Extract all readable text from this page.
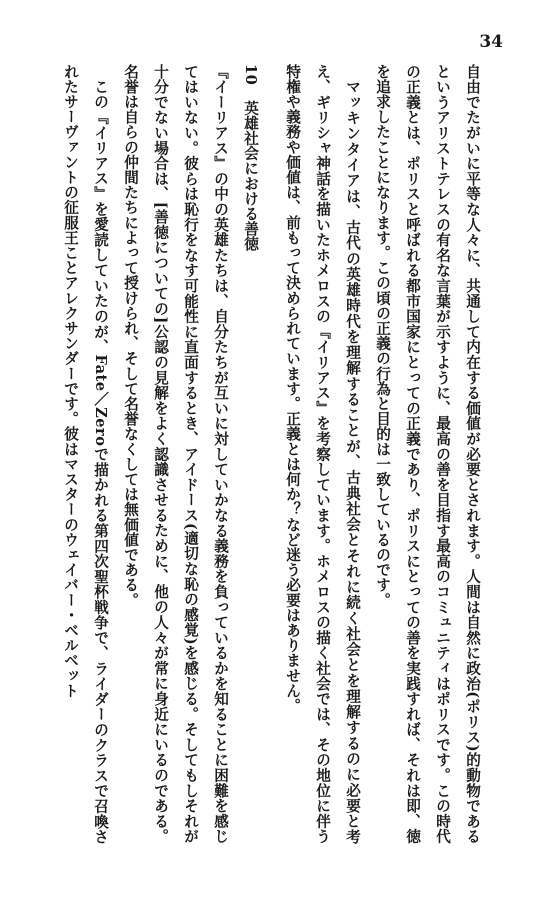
34

自由でたがいに平等な人々に、共通して内在する価値が必要とされます。人間は自然に政治(ポリス)的動物であるというアリストテレスの有名な言葉が示すように、最高の善を目指す最高のコミュニティはポリスです。この時代の正義とは、ポリスと呼ばれる都市国家にとっての正義であり、ポリスにとっての善を実践すれば、それは即、徳を追求したことになります。この頃の正義の行為と目的は一致しているのです。

マッキンタイアは、古代の英雄時代を理解することが、古典社会とそれに続く社会とを理解するのに必要と考え、ギリシャ神話を描いたホメロスの『イリアス』を考察しています。ホメロスの描く社会では、その地位に伴う特権や義務や価値は、前もって決められています。正義とは何か？など迷う必要はありません。

10　英雄社会における善徳

『イーリアス』の中の英雄たちは、自分たちが互いに対していかなる義務を負っているかを知ることに困難を感じてはいない。彼らは恥行をなす可能性に直面するとき、アイドース(適切な恥の感覚)を感じる。そしてもしそれが十分でない場合は、[善徳についての]公認の見解をよく認識させるために、他の人々が常に身近にいるのである。名誉は自らの仲間たちによって授けられ、そして名誉なくしては無価値である。

この『イリアス』を愛読していたのが、Fate／Zeroで描かれる第四次聖杯戦争で、ライダーのクラスで召喚されたサーヴァントの征服王ことアレクサンダーです。彼はマスターのウェイバー・ベルベット
